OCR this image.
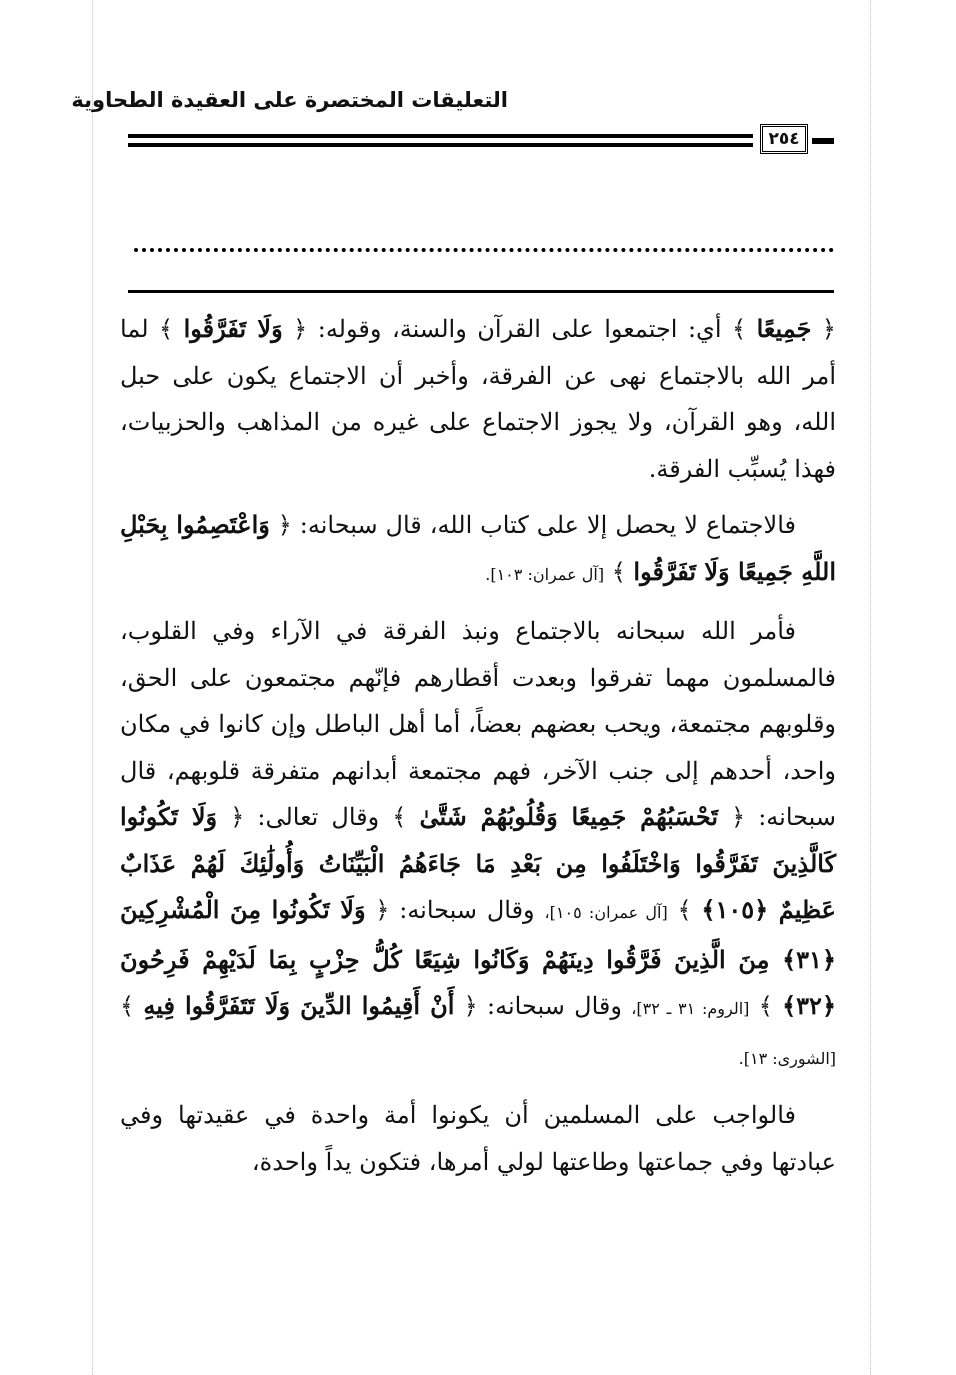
التعليقات المختصرة على العقيدة الطحاوية
٢٥٤

﴿ جَمِيعًا ﴾ أي: اجتمعوا على القرآن والسنة، وقوله: ﴿ وَلَا تَفَرَّقُوا ﴾ لما أمر الله بالاجتماع نهى عن الفرقة، وأخبر أن الاجتماع يكون على حبل الله، وهو القرآن، ولا يجوز الاجتماع على غيره من المذاهب والحزبيات، فهذا يُسبِّب الفرقة.

فالاجتماع لا يحصل إلا على كتاب الله، قال سبحانه: ﴿ وَاعْتَصِمُوا بِحَبْلِ اللَّهِ جَمِيعًا وَلَا تَفَرَّقُوا ﴾ [آل عمران: ١٠٣].

فأمر الله سبحانه بالاجتماع ونبذ الفرقة في الآراء وفي القلوب، فالمسلمون مهما تفرقوا وبعدت أقطارهم فإنّهم مجتمعون على الحق، وقلوبهم مجتمعة، ويحب بعضهم بعضاً، أما أهل الباطل وإن كانوا في مكان واحد، أحدهم إلى جنب الآخر، فهم مجتمعة أبدانهم متفرقة قلوبهم، قال سبحانه: ﴿ تَحْسَبُهُمْ جَمِيعًا وَقُلُوبُهُمْ شَتَّىٰ ﴾ وقال تعالى: ﴿ وَلَا تَكُونُوا كَالَّذِينَ تَفَرَّقُوا وَاخْتَلَفُوا مِن بَعْدِ مَا جَاءَهُمُ الْبَيِّنَاتُ وَأُولَٰئِكَ لَهُمْ عَذَابٌ عَظِيمٌ ﴿١٠٥﴾ ﴾ [آل عمران: ١٠٥]، وقال سبحانه: ﴿ وَلَا تَكُونُوا مِنَ الْمُشْرِكِينَ ﴿٣١﴾ مِنَ الَّذِينَ فَرَّقُوا دِينَهُمْ وَكَانُوا شِيَعًا كُلُّ حِزْبٍ بِمَا لَدَيْهِمْ فَرِحُونَ ﴿٣٢﴾ ﴾ [الروم: ٣١ ـ ٣٢]، وقال سبحانه: ﴿ أَنْ أَقِيمُوا الدِّينَ وَلَا تَتَفَرَّقُوا فِيهِ ﴾ [الشورى: ١٣].

فالواجب على المسلمين أن يكونوا أمة واحدة في عقيدتها وفي عبادتها وفي جماعتها وطاعتها لولي أمرها، فتكون يداً واحدة،
